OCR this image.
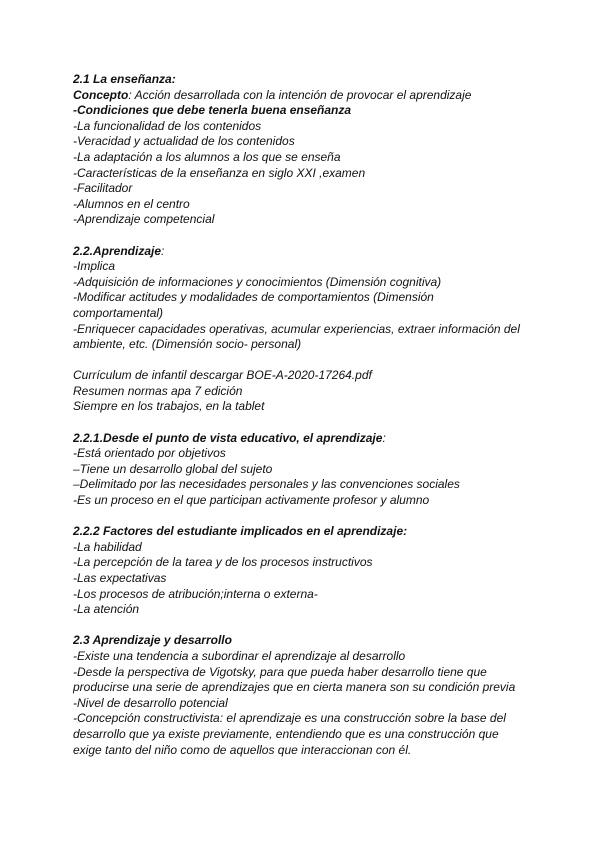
2.1 La enseñanza:
Concepto: Acción desarrollada con la intención de provocar el aprendizaje
-Condiciones que debe tenerla buena enseñanza
-La funcionalidad de los contenidos
-Veracidad y actualidad de los contenidos
-La adaptación a los alumnos a los que se enseña
-Características de la enseñanza en siglo XXI ,examen
-Facilitador
-Alumnos en el centro
-Aprendizaje competencial
2.2.Aprendizaje:
-Implica
-Adquisición de informaciones y conocimientos (Dimensión cognitiva)
-Modificar actitudes y modalidades de comportamientos (Dimensión
comportamental)
-Enriquecer capacidades operativas, acumular experiencias, extraer información del
ambiente, etc. (Dimensión socio- personal)
Currículum de infantil descargar BOE-A-2020-17264.pdf
Resumen normas apa 7 edición
Siempre en los trabajos, en la tablet
2.2.1.Desde el punto de vista educativo, el aprendizaje:
-Está orientado por objetivos
–Tiene un desarrollo global del sujeto
–Delimitado por las necesidades personales y las convenciones sociales
-Es un proceso en el que participan activamente profesor y alumno
2.2.2 Factores del estudiante implicados en el aprendizaje:
-La habilidad
-La percepción de la tarea y de los procesos instructivos
-Las expectativas
-Los procesos de atribución;interna o externa-
-La atención
2.3 Aprendizaje y desarrollo
-Existe una tendencia a subordinar el aprendizaje al desarrollo
-Desde la perspectiva de Vigotsky, para que pueda haber desarrollo tiene que
producirse una serie de aprendizajes que en cierta manera son su condición previa
-Nivel de desarrollo potencial
-Concepción constructivista: el aprendizaje es una construcción sobre la base del
desarrollo que ya existe previamente, entendiendo que es una construcción que
exige tanto del niño como de aquellos que interaccionan con él.
